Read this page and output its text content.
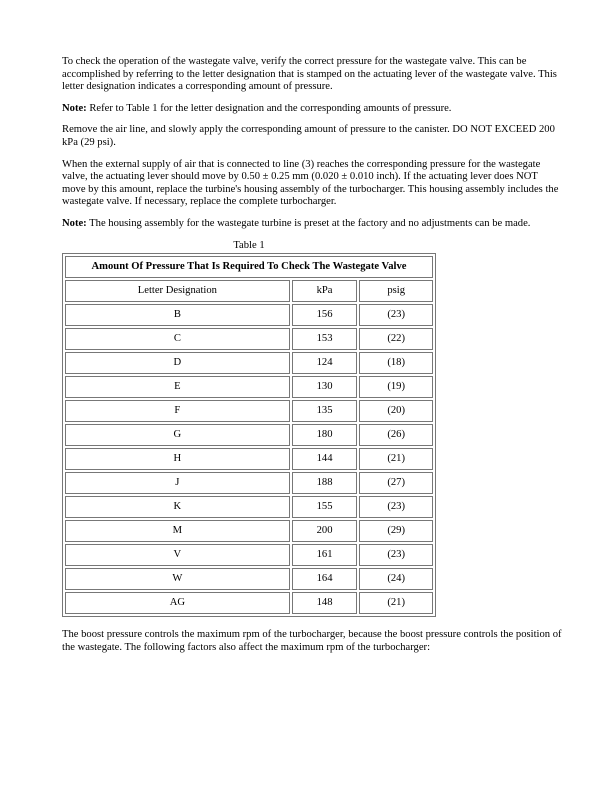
To check the operation of the wastegate valve, verify the correct pressure for the wastegate valve. This can be accomplished by referring to the letter designation that is stamped on the actuating lever of the wastegate valve. This letter designation indicates a corresponding amount of pressure.

Note: Refer to Table 1 for the letter designation and the corresponding amounts of pressure.

Remove the air line, and slowly apply the corresponding amount of pressure to the canister. DO NOT EXCEED 200 kPa (29 psi).

When the external supply of air that is connected to line (3) reaches the corresponding pressure for the wastegate valve, the actuating lever should move by 0.50 ± 0.25 mm (0.020 ± 0.010 inch). If the actuating lever does NOT move by this amount, replace the turbine's housing assembly of the turbocharger. This housing assembly includes the wastegate valve. If necessary, replace the complete turbocharger.

Note: The housing assembly for the wastegate turbine is preset at the factory and no adjustments can be made.

Table 1
Amount Of Pressure That Is Required To Check The Wastegate Valve		
Letter Designation	kPa	psig
B	156	(23)
C	153	(22)
D	124	(18)
E	130	(19)
F	135	(20)
G	180	(26)
H	144	(21)
J	188	(27)
K	155	(23)
M	200	(29)
V	161	(23)
W	164	(24)
AG	148	(21)

The boost pressure controls the maximum rpm of the turbocharger, because the boost pressure controls the position of the wastegate. The following factors also affect the maximum rpm of the turbocharger:
